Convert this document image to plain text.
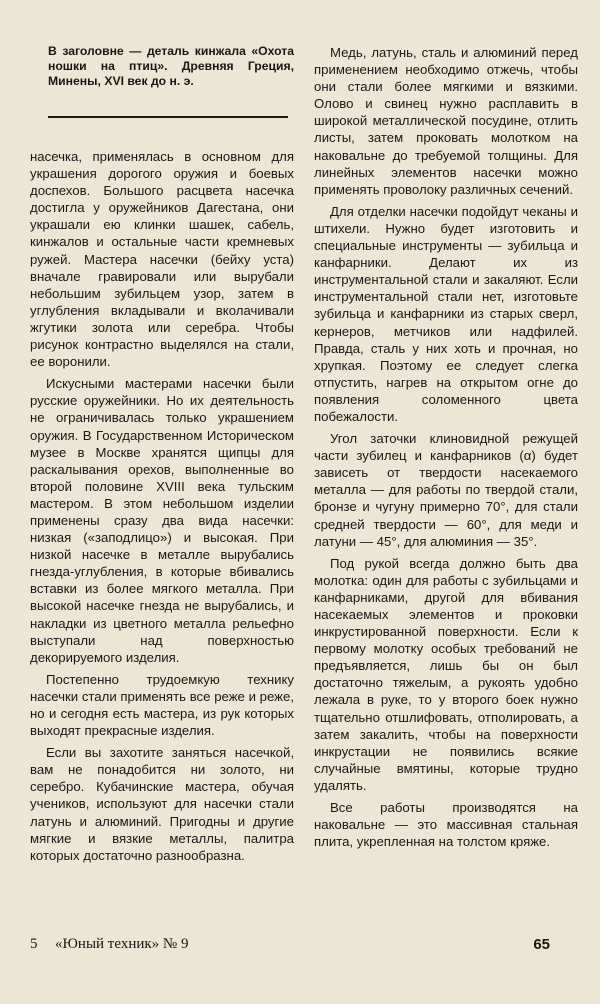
В заголовне — деталь кинжала «Охота ношки на птиц». Древняя Греция, Минены, XVI век до н. э.

насечка, применялась в основном для украшения дорогого оружия и боевых доспехов. Большого расцвета насечка достигла у оружейников Дагестана, они украшали ею клинки шашек, сабель, кинжалов и остальные части кремневых ружей. Мастера насечки (бейху уста) вначале гравировали или вырубали небольшим зубильцем узор, затем в углубления вкладывали и вколачивали жгутики золота или серебра. Чтобы рисунок контрастно выделялся на стали, ее воронили.

Искусными мастерами насечки были русские оружейники. Но их деятельность не ограничивалась только украшением оружия. В Государственном Историческом музее в Москве хранятся щипцы для раскалывания орехов, выполненные во второй половине XVIII века тульским мастером. В этом небольшом изделии применены сразу два вида насечки: низкая («заподлицо») и высокая. При низкой насечке в металле вырубались гнезда-углубления, в которые вбивались вставки из более мягкого металла. При высокой насечке гнезда не вырубались, и накладки из цветного металла рельефно выступали над поверхностью декорируемого изделия.

Постепенно трудоемкую технику насечки стали применять все реже и реже, но и сегодня есть мастера, из рук которых выходят прекрасные изделия.

Если вы захотите заняться насечкой, вам не понадобится ни золото, ни серебро. Кубачинские мастера, обучая учеников, используют для насечки стали латунь и алюминий. Пригодны и другие мягкие и вязкие металлы, палитра которых достаточно разнообразна.

Медь, латунь, сталь и алюминий перед применением необходимо отжечь, чтобы они стали более мягкими и вязкими. Олово и свинец нужно расплавить в широкой металлической посудине, отлить листы, затем проковать молотком на наковальне до требуемой толщины. Для линейных элементов насечки можно применять проволоку различных сечений.

Для отделки насечки подойдут чеканы и штихели. Нужно будет изготовить и специальные инструменты — зубильца и канфарники. Делают их из инструментальной стали и закаляют. Если инструментальной стали нет, изготовьте зубильца и канфарники из старых сверл, кернеров, метчиков или надфилей. Правда, сталь у них хоть и прочная, но хрупкая. Поэтому ее следует слегка отпустить, нагрев на открытом огне до появления соломенного цвета побежалости.

Угол заточки клиновидной режущей части зубилец и канфарников (α) будет зависеть от твердости насекаемого металла — для работы по твердой стали, бронзе и чугуну примерно 70°, для стали средней твердости — 60°, для меди и латуни — 45°, для алюминия — 35°.

Под рукой всегда должно быть два молотка: один для работы с зубильцами и канфарниками, другой для вбивания насекаемых элементов и проковки инкрустированной поверхности. Если к первому молотку особых требований не предъявляется, лишь бы он был достаточно тяжелым, а рукоять удобно лежала в руке, то у второго боек нужно тщательно отшлифовать, отполировать, а затем закалить, чтобы на поверхности инкрустации не появились всякие случайные вмятины, которые трудно удалять.

Все работы производятся на наковальне — это массивная стальная плита, укрепленная на толстом кряже.

5 «Юный техник» № 9	65
